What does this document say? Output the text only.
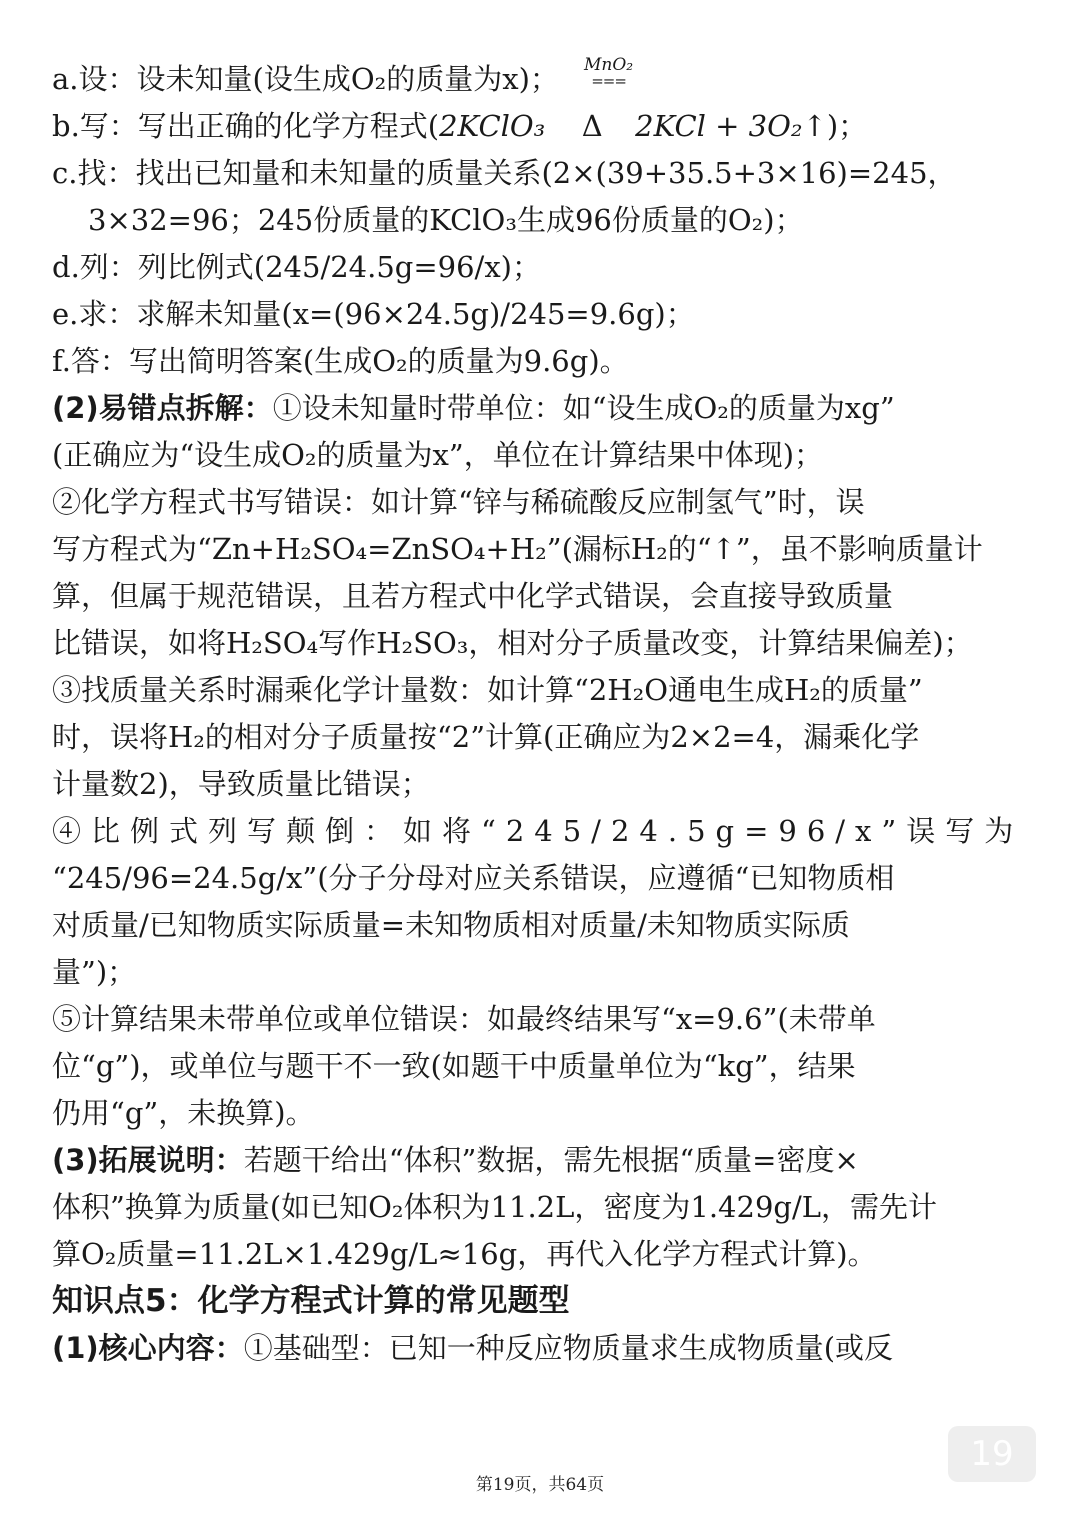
a.设：设未知量(设生成O₂的质量为x)；
b.写：写出正确的化学方程式(2KClO₃ Δ 2KCl + 3O₂↑)；
MnO₂
===
c.找：找出已知量和未知量的质量关系(2×(39+35.5+3×16)=245，
3×32=96；245份质量的KClO₃生成96份质量的O₂)；
d.列：列比例式(245/24.5g=96/x)；
e.求：求解未知量(x=(96×24.5g)/245=9.6g)；
f.答：写出简明答案(生成O₂的质量为9.6g)。
(2)易错点拆解：①设未知量时带单位：如“设生成O₂的质量为xg”
(正确应为“设生成O₂的质量为x”，单位在计算结果中体现)；
②化学方程式书写错误：如计算“锌与稀硫酸反应制氢气”时，误
写方程式为“Zn+H₂SO₄=ZnSO₄+H₂”(漏标H₂的“↑”，虽不影响质量计
算，但属于规范错误，且若方程式中化学式错误，会直接导致质量
比错误，如将H₂SO₄写作H₂SO₃，相对分子质量改变，计算结果偏差)；
③找质量关系时漏乘化学计量数：如计算“2H₂O通电生成H₂的质量”
时，误将H₂的相对分子质量按“2”计算(正确应为2×2=4，漏乘化学
计量数2)，导致质量比错误；
④比例式列写颠倒：如将“245/24.5g=96/x”误写为
“245/96=24.5g/x”(分子分母对应关系错误，应遵循“已知物质相
对质量/已知物质实际质量=未知物质相对质量/未知物质实际质
量”)；
⑤计算结果未带单位或单位错误：如最终结果写“x=9.6”(未带单
位“g”)，或单位与题干不一致(如题干中质量单位为“kg”，结果
仍用“g”，未换算)。
(3)拓展说明：若题干给出“体积”数据，需先根据“质量=密度×
体积”换算为质量(如已知O₂体积为11.2L，密度为1.429g/L，需先计
算O₂质量=11.2L×1.429g/L≈16g，再代入化学方程式计算)。
知识点5：化学方程式计算的常见题型
(1)核心内容：①基础型：已知一种反应物质量求生成物质量(或反
19
第19页，共64页
